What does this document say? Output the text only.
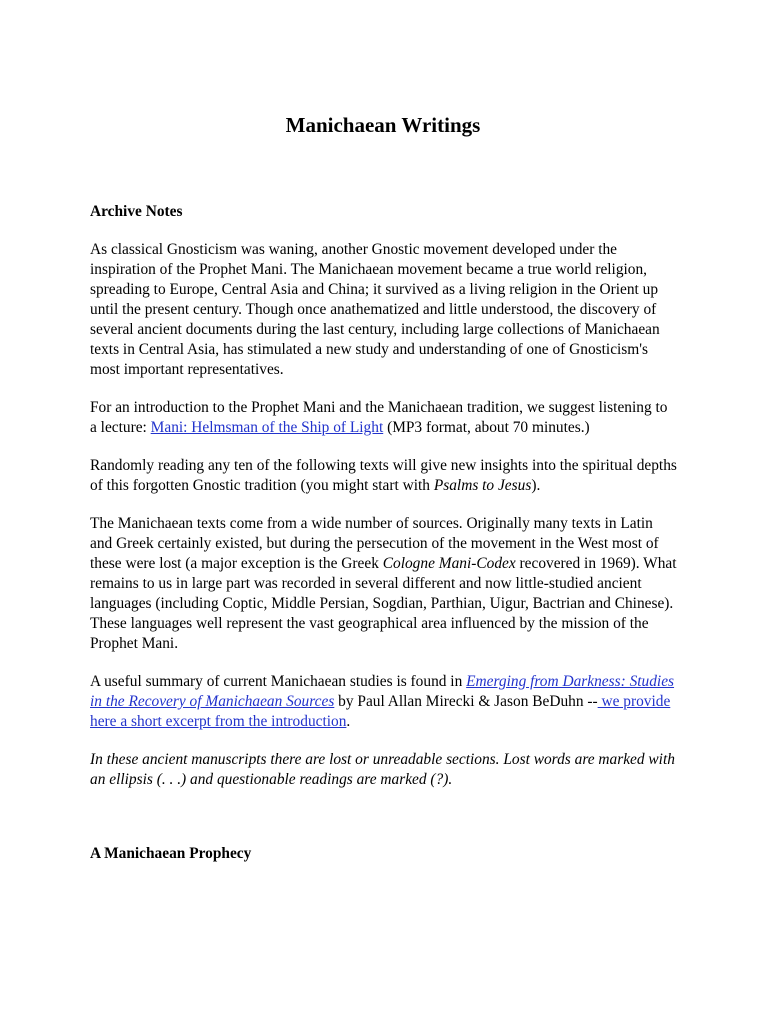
Manichaean Writings
Archive Notes

As classical Gnosticism was waning, another Gnostic movement developed under the inspiration of the Prophet Mani. The Manichaean movement became a true world religion, spreading to Europe, Central Asia and China; it survived as a living religion in the Orient up until the present century. Though once anathematized and little understood, the discovery of several ancient documents during the last century, including large collections of Manichaean texts in Central Asia, has stimulated a new study and understanding of one of Gnosticism's most important representatives.

For an introduction to the Prophet Mani and the Manichaean tradition, we suggest listening to a lecture: Mani: Helmsman of the Ship of Light (MP3 format, about 70 minutes.)

Randomly reading any ten of the following texts will give new insights into the spiritual depths of this forgotten Gnostic tradition (you might start with Psalms to Jesus).

The Manichaean texts come from a wide number of sources. Originally many texts in Latin and Greek certainly existed, but during the persecution of the movement in the West most of these were lost (a major exception is the Greek Cologne Mani-Codex recovered in 1969). What remains to us in large part was recorded in several different and now little-studied ancient languages (including Coptic, Middle Persian, Sogdian, Parthian, Uigur, Bactrian and Chinese). These languages well represent the vast geographical area influenced by the mission of the Prophet Mani.

A useful summary of current Manichaean studies is found in Emerging from Darkness: Studies in the Recovery of Manichaean Sources by Paul Allan Mirecki & Jason BeDuhn -- we provide here a short excerpt from the introduction.

In these ancient manuscripts there are lost or unreadable sections. Lost words are marked with an ellipsis (. . .) and questionable readings are marked (?).

A Manichaean Prophecy
